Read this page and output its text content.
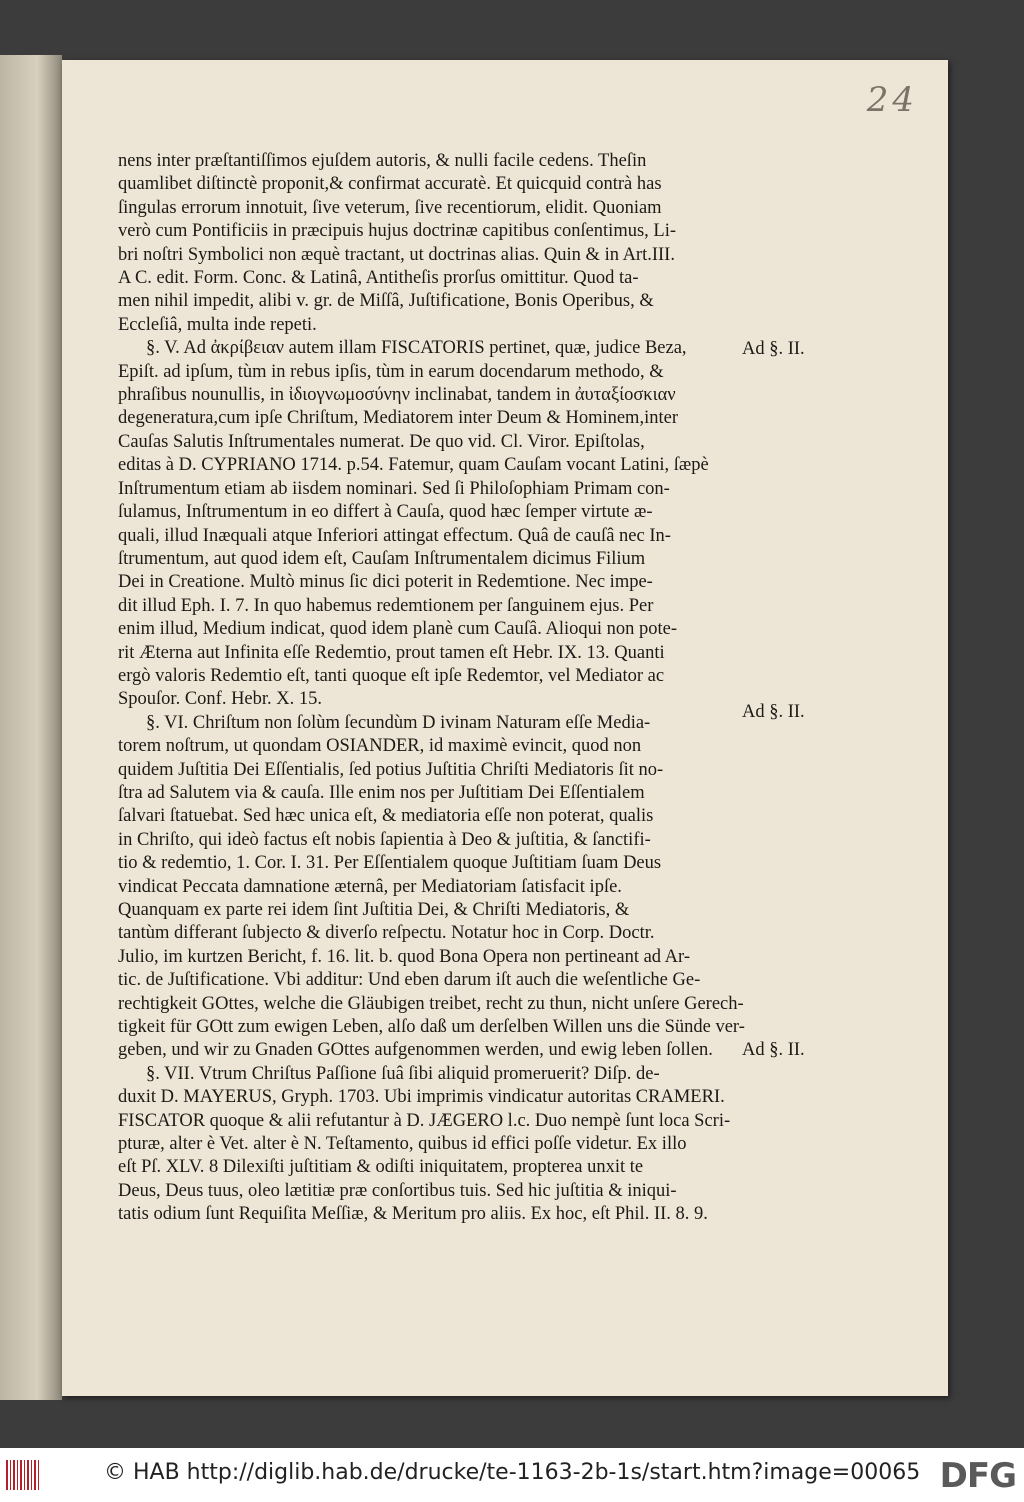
24
nens inter præſtantiſſimos ejuſdem autoris, & nulli facile cedens. Theſin
quamlibet diſtinctè proponit,& confirmat accuratè. Et quicquid contrà has
ſingulas errorum innotuit, ſive veterum, ſive recentiorum, elidit. Quoniam
verò cum Pontificiis in præcipuis hujus doctrinæ capitibus conſentimus, Li-
bri noſtri Symbolici non æquè tractant, ut doctrinas alias. Quin & in Art.III.
A C. edit. Form. Conc. & Latinâ, Antitheſis prorſus omittitur. Quod ta-
men nihil impedit, alibi v. gr. de Miſſâ, Juſtificatione, Bonis Operibus, &
Eccleſiâ, multa inde repeti.
§. V. Ad ἀκρίβειαν autem illam FISCATORIS pertinet, quæ, judice Beza,
Epiſt. ad ipſum, tùm in rebus ipſis, tùm in earum docendarum methodo, &
phraſibus nounullis, in ἰδιογνωμοσύνην inclinabat, tandem in ἀυταξίοσκιαν
degeneratura,cum ipſe Chriſtum, Mediatorem inter Deum & Hominem,inter
Cauſas Salutis Inſtrumentales numerat. De quo vid. Cl. Viror. Epiſtolas,
editas à D. CYPRIANO 1714. p.54. Fatemur, quam Cauſam vocant Latini, ſæpè
Inſtrumentum etiam ab iisdem nominari. Sed ſi Philoſophiam Primam con-
ſulamus, Inſtrumentum in eo differt à Cauſa, quod hæc ſemper virtute æ-
quali, illud Inæquali atque Inferiori attingat effectum. Quâ de cauſâ nec In-
ſtrumentum, aut quod idem eſt, Cauſam Inſtrumentalem dicimus Filium
Dei in Creatione. Multò minus ſic dici poterit in Redemtione. Nec impe-
dit illud Eph. I. 7. In quo habemus redemtionem per ſanguinem ejus. Per
enim illud, Medium indicat, quod idem planè cum Cauſâ. Alioqui non pote-
rit Æterna aut Infinita eſſe Redemtio, prout tamen eſt Hebr. IX. 13. Quanti
ergò valoris Redemtio eſt, tanti quoque eſt ipſe Redemtor, vel Mediator ac
Spouſor. Conf. Hebr. X. 15.
§. VI. Chriſtum non ſolùm ſecundùm D ivinam Naturam eſſe Media-
torem noſtrum, ut quondam OSIANDER, id maximè evincit, quod non
quidem Juſtitia Dei Eſſentialis, ſed potius Juſtitia Chriſti Mediatoris ſit no-
ſtra ad Salutem via & cauſa. Ille enim nos per Juſtitiam Dei Eſſentialem
ſalvari ſtatuebat. Sed hæc unica eſt, & mediatoria eſſe non poterat, qualis
in Chriſto, qui ideò factus eſt nobis ſapientia à Deo & juſtitia, & ſanctifi-
tio & redemtio, 1. Cor. I. 31. Per Eſſentialem quoque Juſtitiam ſuam Deus
vindicat Peccata damnatione æternâ, per Mediatoriam ſatisfacit ipſe.
Quanquam ex parte rei idem ſint Juſtitia Dei, & Chriſti Mediatoris, &
tantùm differant ſubjecto & diverſo reſpectu. Notatur hoc in Corp. Doctr.
Julio, im kurtzen Bericht, f. 16. lit. b. quod Bona Opera non pertineant ad Ar-
tic. de Juſtificatione. Vbi additur: Und eben darum iſt auch die weſentliche Ge-
rechtigkeit GOttes, welche die Gläubigen treibet, recht zu thun, nicht unſere Gerech-
tigkeit für GOtt zum ewigen Leben, alſo daß um derſelben Willen uns die Sünde ver-
geben, und wir zu Gnaden GOttes aufgenommen werden, und ewig leben ſollen.
§. VII. Vtrum Chriſtus Paſſione ſuâ ſibi aliquid promeruerit? Diſp. de-
duxit D. MAYERUS, Gryph. 1703. Ubi imprimis vindicatur autoritas CRAMERI.
FISCATOR quoque & alii refutantur à D. JÆGERO l.c. Duo nempè ſunt loca Scri-
pturæ, alter è Vet. alter è N. Teſtamento, quibus id effici poſſe videtur. Ex illo
eſt Pſ. XLV. 8 Dilexiſti juſtitiam & odiſti iniquitatem, propterea unxit te
Deus, Deus tuus, oleo lætitiæ præ conſortibus tuis. Sed hic juſtitia & iniqui-
tatis odium ſunt Requiſita Meſſiæ, & Meritum pro aliis. Ex hoc, eſt Phil. II. 8. 9.
Ad §. II.
Ad §. II.
Ad §. II.
© HAB http://diglib.hab.de/drucke/te-1163-2b-1s/start.htm?image=00065 DFG
